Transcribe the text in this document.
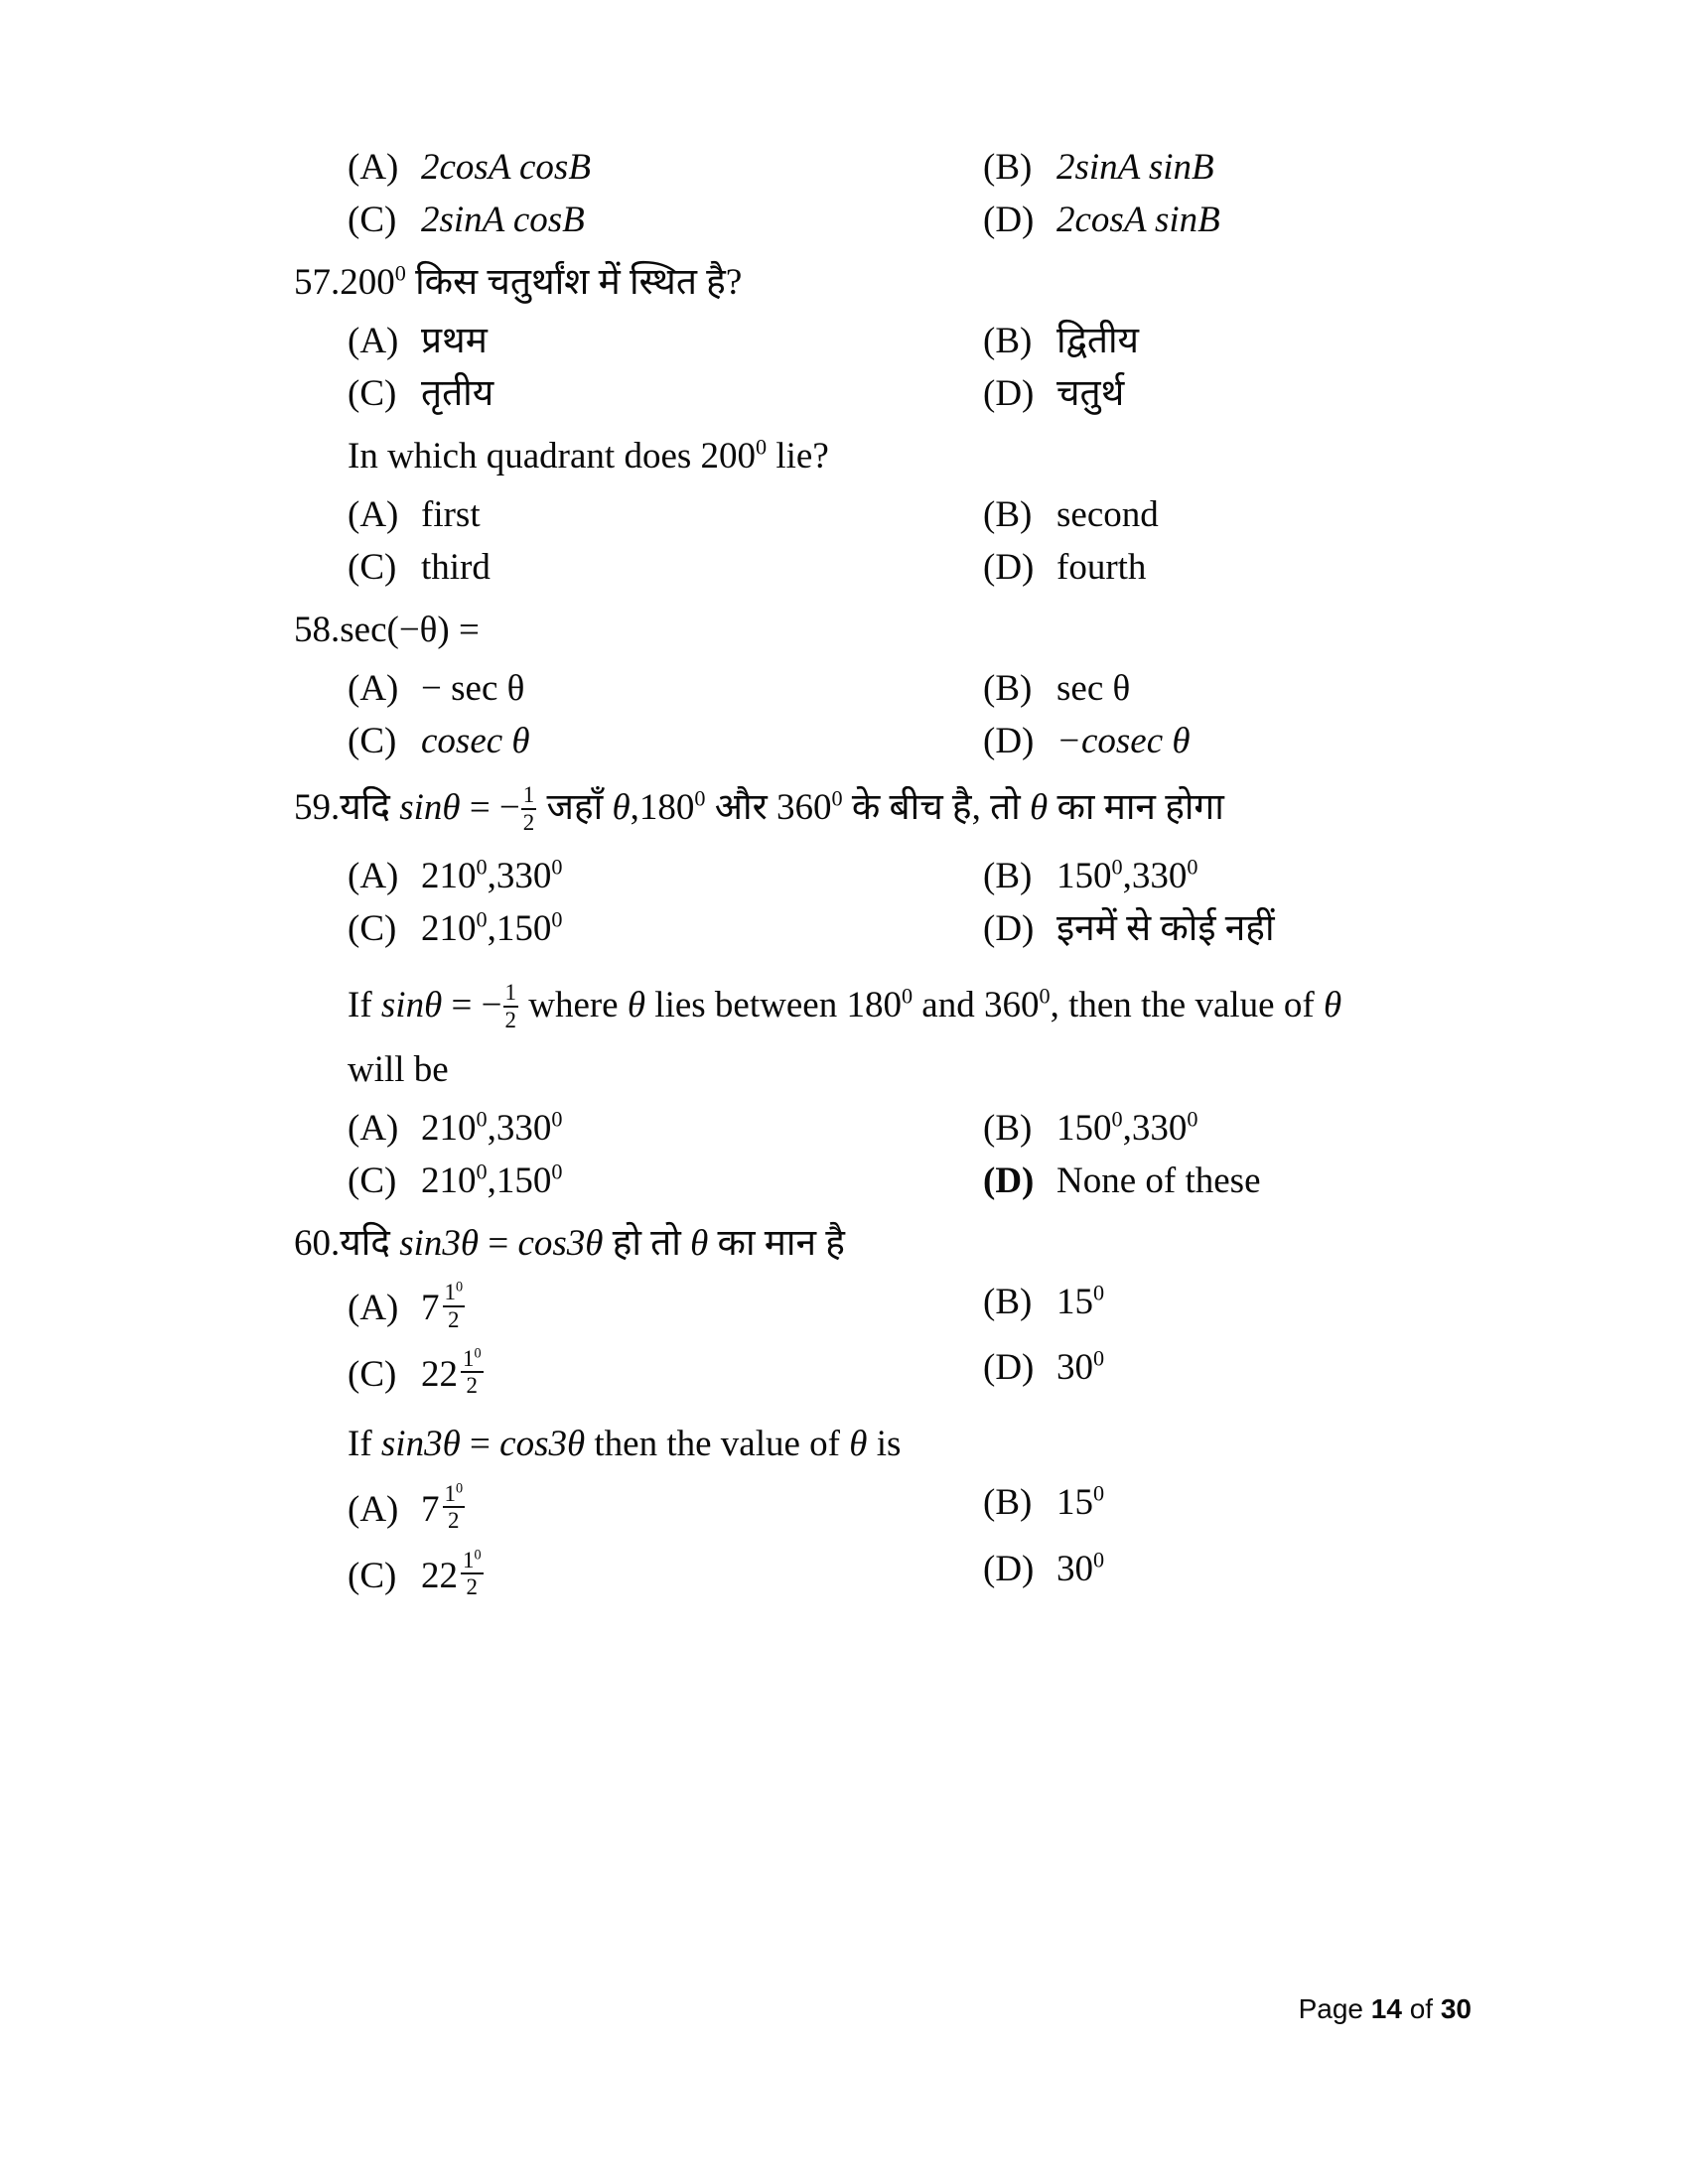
(A) 2cosA cosB	(B) 2sinA sinB
(C) 2sinA cosB	(D) 2cosA sinB
57. $200^0$ किस चतुर्थांश में स्थित है?
(A) प्रथम	(B) द्वितीय
(C) तृतीय	(D) चतुर्थ
In which quadrant does $200^0$ lie?
(A) first	(B) second
(C) third	(D) fourth
58. sec(−θ) =
(A) − sec θ	(B) sec θ
(C) cosec θ	(D) −cosec θ
59. यदि sinθ = − $\frac{1}{2}$ जहाँ θ,180$^0$ और $360^0$ के बीच है, तो θ का मान होगा
(A) $210^0,330^0$	(B) $150^0,330^0$
(C) $210^0,150^0$	(D) इनमें से कोई नहीं
If sinθ = − $\frac{1}{2}$ where θ lies between $180^0$ and $360^0$, then the value of θ
will be
(A) $210^0,330^0$	(B) $150^0,330^0$
(C) $210^0,150^0$	(D) None of these
60. यदि sin3θ = cos3θ हो तो θ का मान है
(A) $7 \frac{1^0}{2}$	(B) $15^0$
(C) $22 \frac{1^0}{2}$	(D) $30^0$
If sin3θ = cos3θ then the value of θ is
(A) $7 \frac{1^0}{2}$	(B) $15^0$
(C) $22 \frac{1^0}{2}$	(D) $30^0$
Page 14 of 30
